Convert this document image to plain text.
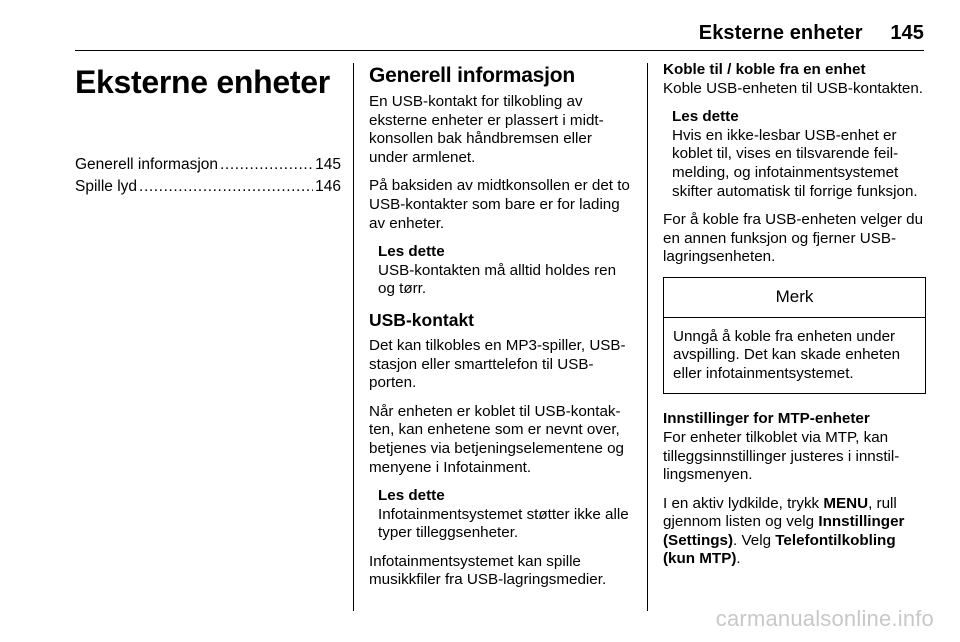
Eksterne enheter 145
Eksterne enheter
Generell informasjon .....	145
Spille lyd .....	146
Generell informasjon

En USB-kontakt for tilkobling av eksterne enheter er plassert i midtkonsollen bak håndbremsen eller under armlenet.

På baksiden av midtkonsollen er det to USB-kontakter som bare er for lading av enheter.

Les dette
USB-kontakten må alltid holdes ren og tørr.
USB-kontakt

Det kan tilkobles en MP3-spiller, USB-stasjon eller smarttelefon til USB-porten.

Når enheten er koblet til USB-kontakten, kan enhetene som er nevnt over, betjenes via betjeningselementene og menyene i Infotainment.

Les dette
Infotainmentsystemet støtter ikke alle typer tilleggsenheter.

Infotainmentsystemet kan spille musikkfiler fra USB-lagringsmedier.

Koble til / koble fra en enhet

Koble USB-enheten til USB-kontakten.

Les dette
Hvis en ikke-lesbar USB-enhet er koblet til, vises en tilsvarende feilmelding, og infotainmentsystemet skifter automatisk til forrige funksjon.

For å koble fra USB-enheten velger du en annen funksjon og fjerner USB-lagringsenheten.

Merk
Unngå å koble fra enheten under avspilling. Det kan skade enheten eller infotainmentsystemet.
Innstillinger for MTP-enheter

For enheter tilkoblet via MTP, kan tilleggsinnstillinger justeres i innstillingsmenyen.

I en aktiv lydkilde, trykk MENU, rull gjennom listen og velg Innstillinger (Settings). Velg Telefontilkobling (kun MTP).

carmanualsonline.info
